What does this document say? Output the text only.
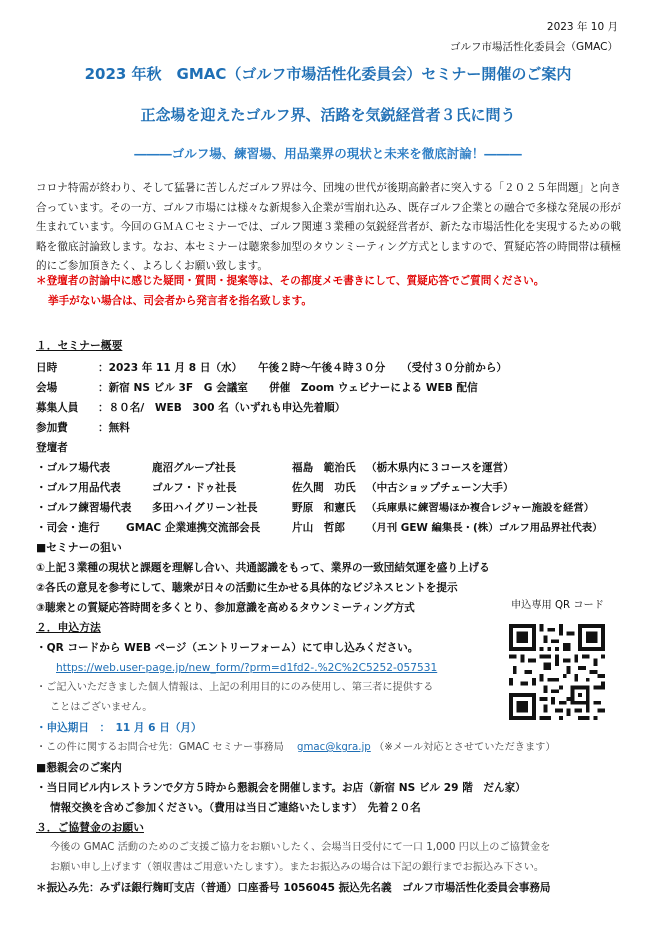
2023 年 10 月
ゴルフ市場活性化委員会（GMAC）
2023 年秋　GMAC（ゴルフ市場活性化委員会）セミナー開催のご案内
正念場を迎えたゴルフ界、活路を気鋭経営者３氏に問う
―――ゴルフ場、練習場、用品業界の現状と未来を徹底討論！―――
コロナ特需が終わり、そして猛暑に苦しんだゴルフ界は今、団塊の世代が後期高齢者に突入する「２０２５年問題」と向き合っています。その一方、ゴルフ市場には様々な新規参入企業が雪崩れ込み、既存ゴルフ企業との融合で多様な発展の形が生まれています。今回のＧＭＡＣセミナーでは、ゴルフ関連３業種の気鋭経営者が、新たな市場活性化を実現するための戦略を徹底討論致します。なお、本セミナーは聴衆参加型のタウンミーティング方式としますので、質疑応答の時間帯は積極的にご参加頂きたく、よろしくお願い致します。
＊登壇者の討論中に感じた疑問・質問・提案等は、その都度メモ書きにして、質疑応答でご質問ください。
挙手がない場合は、司会者から発言者を指名致します。
１．セミナー概要
日時	：2023 年 11 月 8 日（水）　　午後２時～午後４時３０分　　（受付３０分前から）
会場	：新宿 NS ビル 3F　G 会議室　　併催　Zoom ウェビナーによる WEB 配信
募集人員 ：８０名/　WEB　300 名（いずれも申込先着順）
参加費	：無料
登壇者
・ゴルフ場代表	鹿沼グループ社長	福島　範治氏 （栃木県内に３コースを運営）
・ゴルフ用品代表	ゴルフ・ドゥ社長	佐久間　功氏 （中古ショップチェーン大手）
・ゴルフ練習場代表 多田ハイグリーン社長	野原　和憲氏 （兵庫県に練習場ほか複合レジャー施設を経営）
・司会・進行 GMAC 企業連携交流部会長	片山　哲郎 （月刊 GEW 編集長・(株）ゴルフ用品界社代表）
■セミナーの狙い
①上記３業種の現状と課題を理解し合い、共通認識をもって、業界の一致団結気運を盛り上げる
②各氏の意見を参考にして、聴衆が日々の活動に生かせる具体的なビジネスヒントを提示
③聴衆との質疑応答時間を多くとり、参加意識を高めるタウンミーティング方式
２．申込方法
申込専用 QR コード
・QR コードから WEB ページ（エントリーフォーム）にて申し込みください。
https://web.user-page.jp/new_form/?prm=d1fd2-.%2C%2C5252-057531
・ご記入いただきました個人情報は、上記の利用目的にのみ使用し、第三者に提供する
ことはございません。
・申込期日　：　11 月 6 日（月）
・この件に関するお問合せ先：GMAC セミナー事務局 gmac@kgra.jp （※メール対応とさせていただきます）
■懇親会のご案内
・当日同ビル内レストランで夕方５時から懇親会を開催します。お店（新宿 NS ビル 29 階　だん家）
情報交換を含めご参加ください。（費用は当日ご連絡いたします）　先着２０名
３．ご協賛金のお願い
今後の GMAC 活動のためのご支援ご協力をお願いしたく、会場当日受付にて一口 1,000 円以上のご協賛金を
お願い申し上げます（領収書はご用意いたします）。またお振込みの場合は下記の銀行までお振込み下さい。
＊振込み先：みずほ銀行麹町支店（普通）口座番号 1056045 振込先名義　ゴルフ市場活性化委員会事務局
